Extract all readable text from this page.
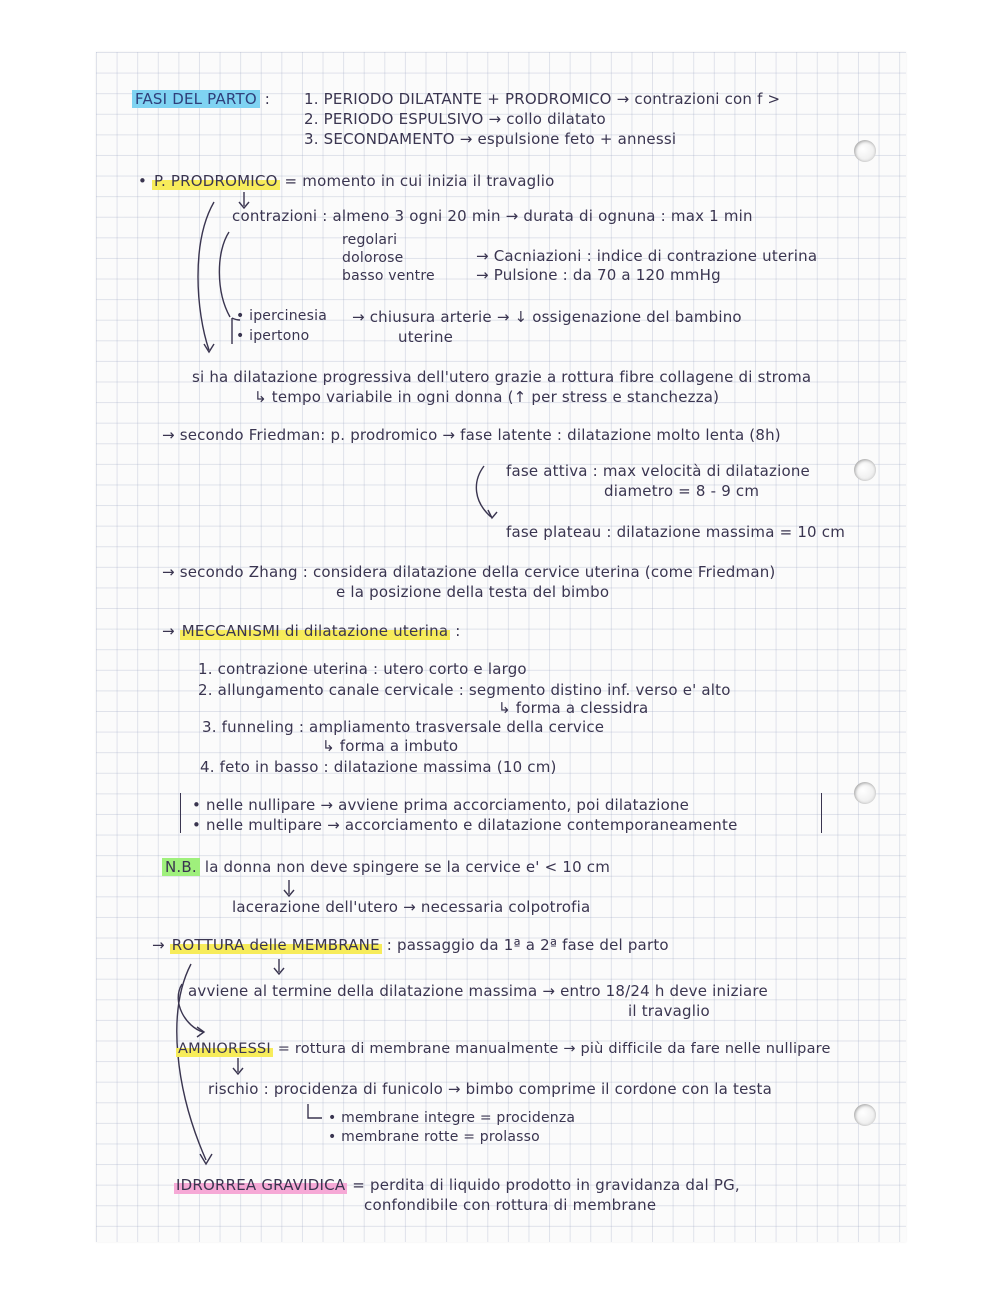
FASI DEL PARTO : 1. PERIODO DILATANTE + PRODROMICO → contrazioni con f >
2. PERIODO ESPULSIVO → collo dilatato
3. SECONDAMENTO → espulsione feto + annessi
• P. PRODROMICO = momento in cui inizia il travaglio
contrazioni : almeno 3 ogni 20 min → durata di ognuna : max 1 min
regolari
dolorose
basso ventre
→ Cacniazioni : indice di contrazione uterina
→ Pulsione : da 70 a 120 mmHg
• ipercinesia
• ipertono
→ chiusura arterie → ↓ ossigenazione del bambino
uterine
si ha dilatazione progressiva dell'utero grazie a rottura fibre collagene di stroma
↳ tempo variabile in ogni donna (↑ per stress e stanchezza)
→ secondo Friedman: p. prodromico → fase latente : dilatazione molto lenta (8h)
fase attiva : max velocità di dilatazione
diametro = 8 - 9 cm
fase plateau : dilatazione massima = 10 cm
→ secondo Zhang : considera dilatazione della cervice uterina (come Friedman)
e la posizione della testa del bimbo
→ MECCANISMI di dilatazione uterina :
1. contrazione uterina : utero corto e largo
2. allungamento canale cervicale : segmento distino inf. verso e' alto
↳ forma a clessidra
3. funneling : ampliamento trasversale della cervice
↳ forma a imbuto
4. feto in basso : dilatazione massima (10 cm)
• nelle nullipare → avviene prima accorciamento, poi dilatazione
• nelle multipare → accorciamento e dilatazione contemporaneamente
N.B. la donna non deve spingere se la cervice e' < 10 cm
lacerazione dell'utero → necessaria colpotrofia
→ ROTTURA delle MEMBRANE : passaggio da 1ª a 2ª fase del parto
avviene al termine della dilatazione massima → entro 18/24 h deve iniziare
il travaglio
AMNIORESSI = rottura di membrane manualmente → più difficile da fare nelle nullipare
rischio : procidenza di funicolo → bimbo comprime il cordone con la testa
• membrane integre = procidenza
• membrane rotte = prolasso
IDRORREA GRAVIDICA = perdita di liquido prodotto in gravidanza dal PG,
confondibile con rottura di membrane
